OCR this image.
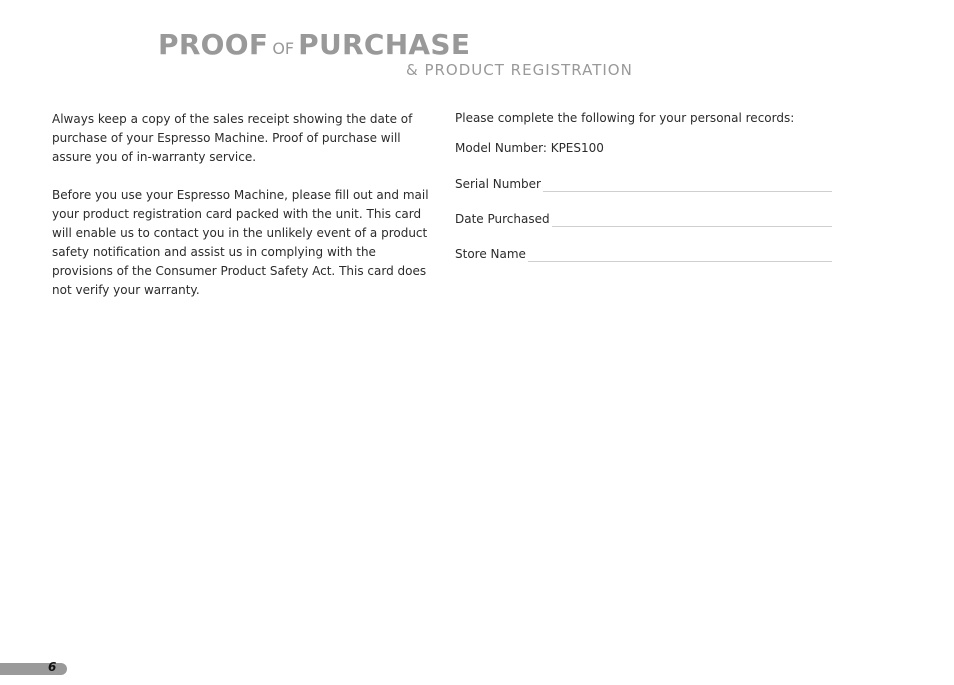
PROOF OF PURCHASE
& PRODUCT REGISTRATION

Always keep a copy of the sales receipt showing the date of purchase of your Espresso Machine. Proof of purchase will assure you of in-warranty service.

Before you use your Espresso Machine, please fill out and mail your product registration card packed with the unit. This card will enable us to contact you in the unlikely event of a product safety notification and assist us in complying with the provisions of the Consumer Product Safety Act. This card does not verify your warranty.

Please complete the following for your personal records:
Model Number: KPES100
Serial Number
Date Purchased
Store Name
6
